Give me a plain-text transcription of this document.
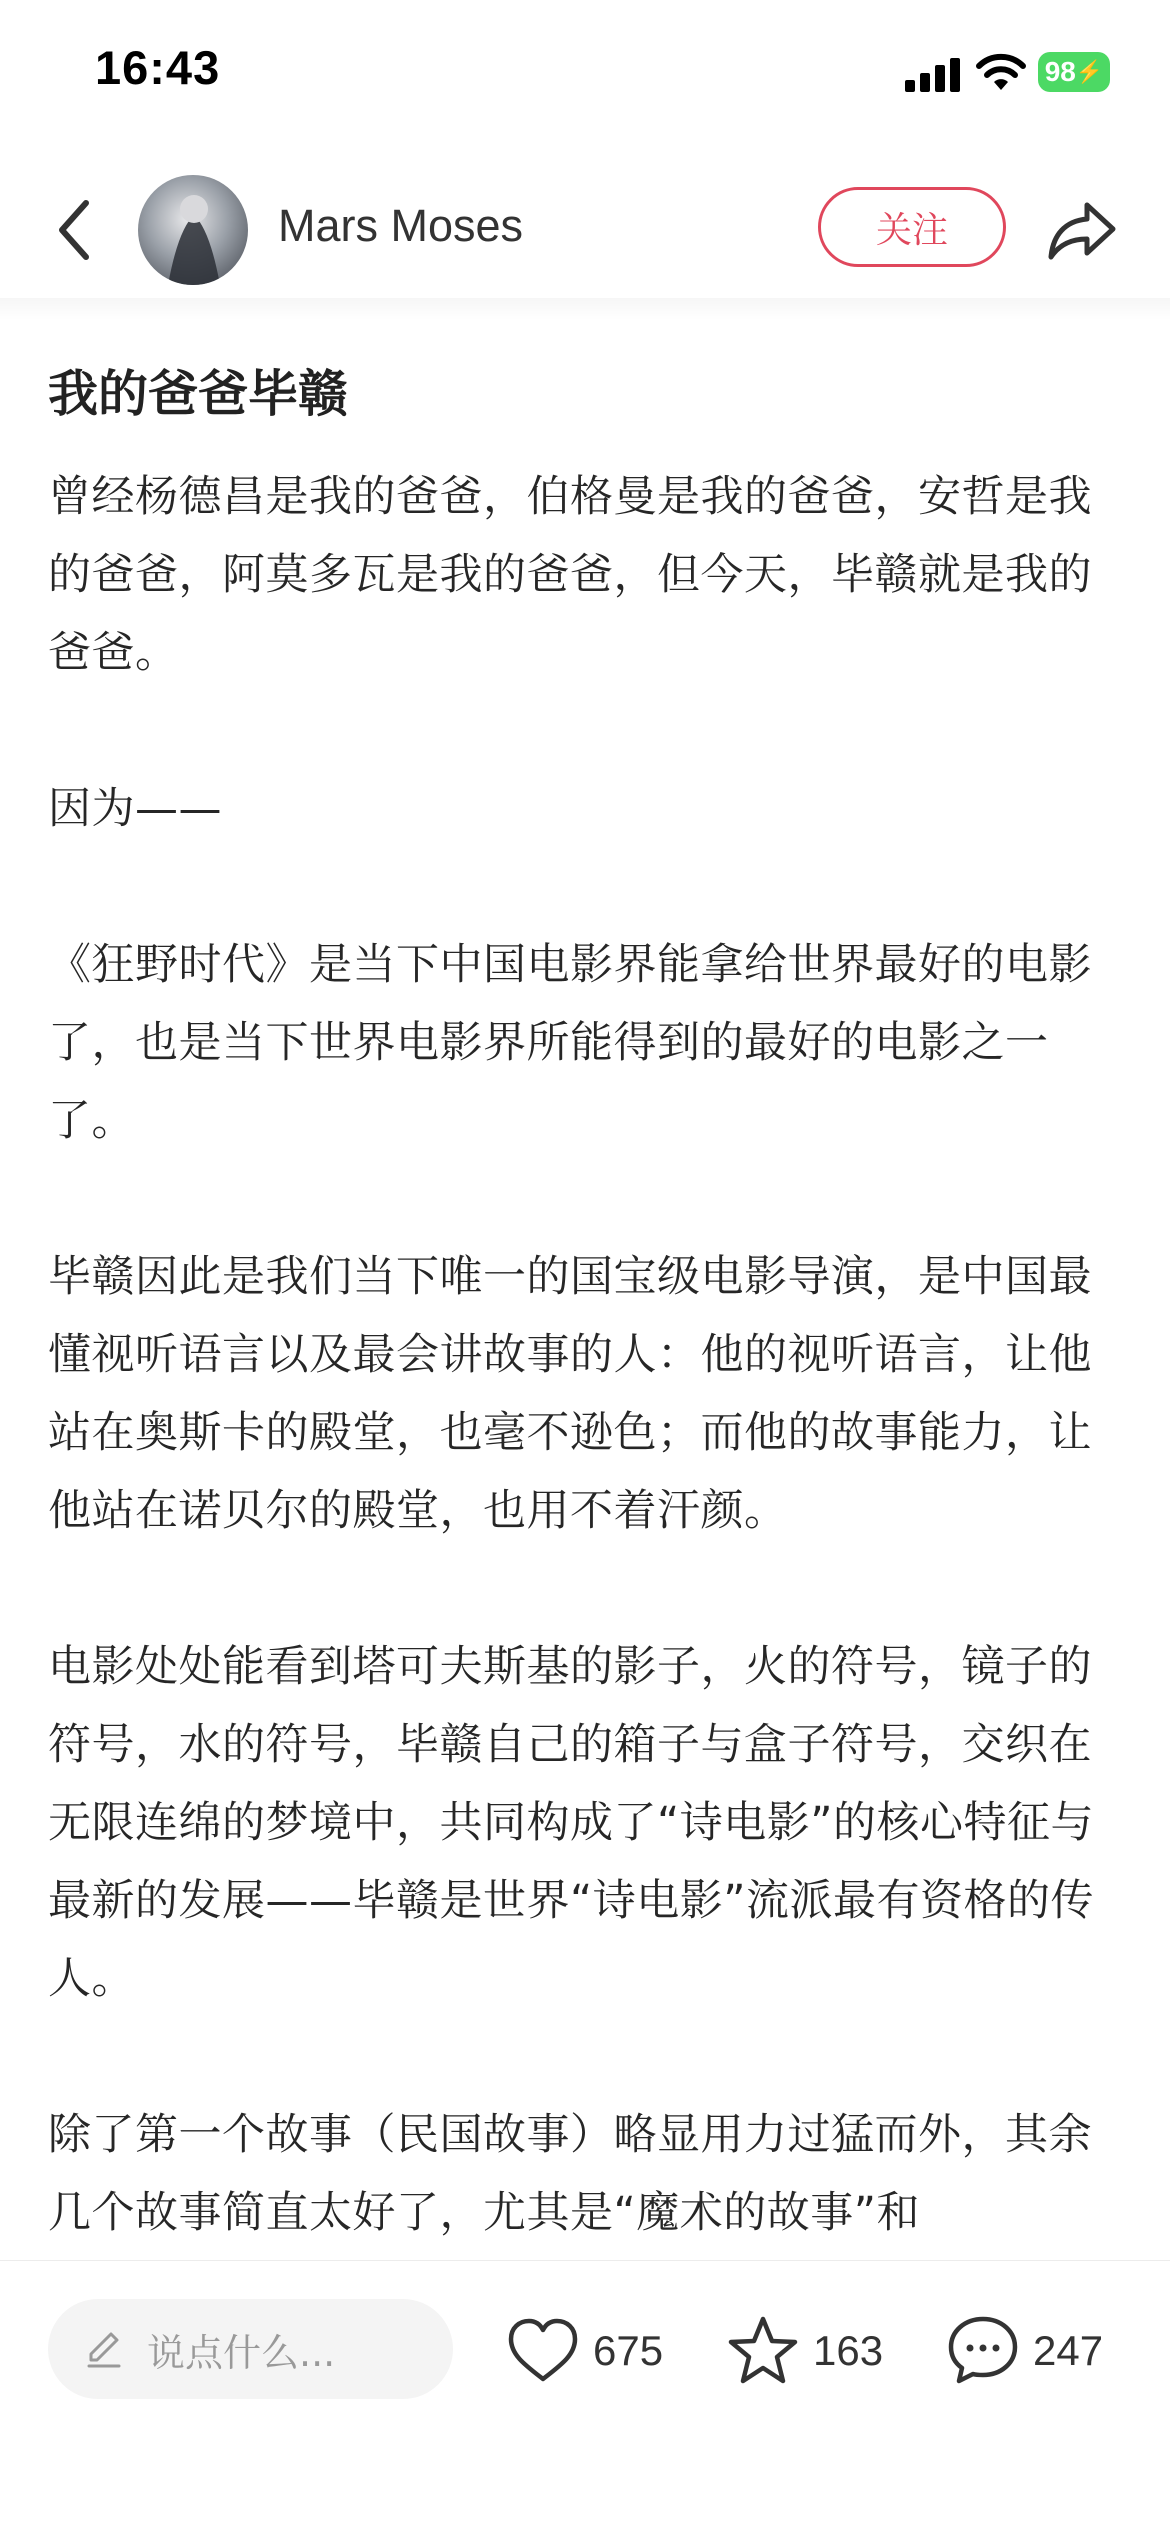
16:43	98 ⚡
Mars Moses	关注
我的爸爸毕赣

曾经杨德昌是我的爸爸，伯格曼是我的爸爸，安哲是我的爸爸，阿莫多瓦是我的爸爸，但今天，毕赣就是我的爸爸。

因为——

《狂野时代》是当下中国电影界能拿给世界最好的电影了，也是当下世界电影界所能得到的最好的电影之一了。

毕赣因此是我们当下唯一的国宝级电影导演，是中国最懂视听语言以及最会讲故事的人：他的视听语言，让他站在奥斯卡的殿堂，也毫不逊色；而他的故事能力，让他站在诺贝尔的殿堂，也用不着汗颜。

电影处处能看到塔可夫斯基的影子，火的符号，镜子的符号，水的符号，毕赣自己的箱子与盒子符号，交织在无限连绵的梦境中，共同构成了“诗电影”的核心特征与最新的发展——毕赣是世界“诗电影”流派最有资格的传人。

除了第一个故事（民国故事）略显用力过猛而外，其余几个故事简直太好了，尤其是“魔术的故事”和

说点什么...	675	163	247
